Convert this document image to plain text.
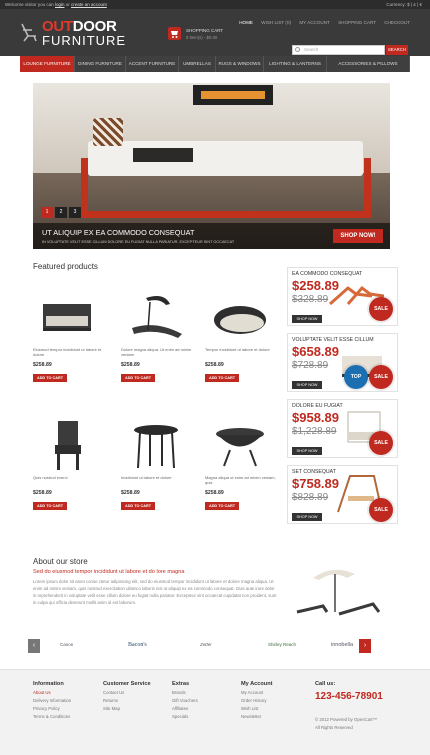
Welcome visitor you can login or create an account	Currency: $ | £ | €
OUTDOOR
FURNITURE
SHOPPING CART
0 item(s) - $0.00
HOME WISH LIST (0) MY ACCOUNT SHOPPING CART CHECKOUT
Search	SEARCH
LOUNGE FURNITURE	DINING FURNITURE	ACCENT FURNITURE	UMBRELLAS	RUGS & WINDOWS	LIGHTING & LANTERNS	ACCESSORIES & PILLOWS
1	2	3
UT ALIQUIP EX EA COMMODO CONSEQUAT
IN VOLUPTATE VELIT ESSE CILLUM DOLORE EU FUGIAT NULLA PARIATUR. EXCEPTEUR SINT OCCAECAT
SHOP NOW!
Featured products
Eiusmod tempor incididunt ut labore et dolore
$258.89
ADD TO CART
Dolore magna aliqua. Ut enim ad minim veniam
$258.89
ADD TO CART
Tempor incididunt ut labore et dolore
$258.89
ADD TO CART
Quis nostrud exerci
$258.89
ADD TO CART
Incididunt ut labore et dolore
$258.89
ADD TO CART
Magna aliqua ut enim ad minim veniam, quis
$258.89
ADD TO CART
EA COMMODO CONSEQUAT
$258.89
$328.89
SHOP NOW
SALE
VOLUPTATE VELIT ESSE CILLUM
$658.89
$728.89
SHOP NOW
TOP	SALE
DOLORE EU FUGIAT
$958.89
$1,228.89
SHOP NOW
SALE
SET CONSEQUAT
$758.89
$828.89
SHOP NOW
SALE
About our store
Sed do eiusmod tempor incididunt ut labore et do lore magna
Lorem ipsum dolor sit amet conse ctetur adipisicing elit, sed do eiusmod tempor incididunt ut labore et dolore magna aliqua. Ut enim ad minim veniam, quis nostrud exercitation ullamco laboris nisi ut aliquip ex ea commodo consequat. Duis aute irure dolor in reprehenderit in voluptate velit esse cillum dolore eu fugiat nulla pariatur. Excepteur sint occaecat cupidatat non proident, sunt in culpa qui officia deserunt mollit anim id est laborum.
‹	›
Canon	Bacon's	Zetter	Shirley Reach	innobella
Information
About Us
Delivery Information
Privacy Policy
Terms & Conditions
Customer Service
Contact Us
Returns
Site Map
Extras
Brands
Gift Vouchers
Affiliates
Specials
My Account
My Account
Order History
Wish List
Newsletter
Call us:
123-456-78901
© 2012 Powered by OpenCart™
All Rights Reserved
